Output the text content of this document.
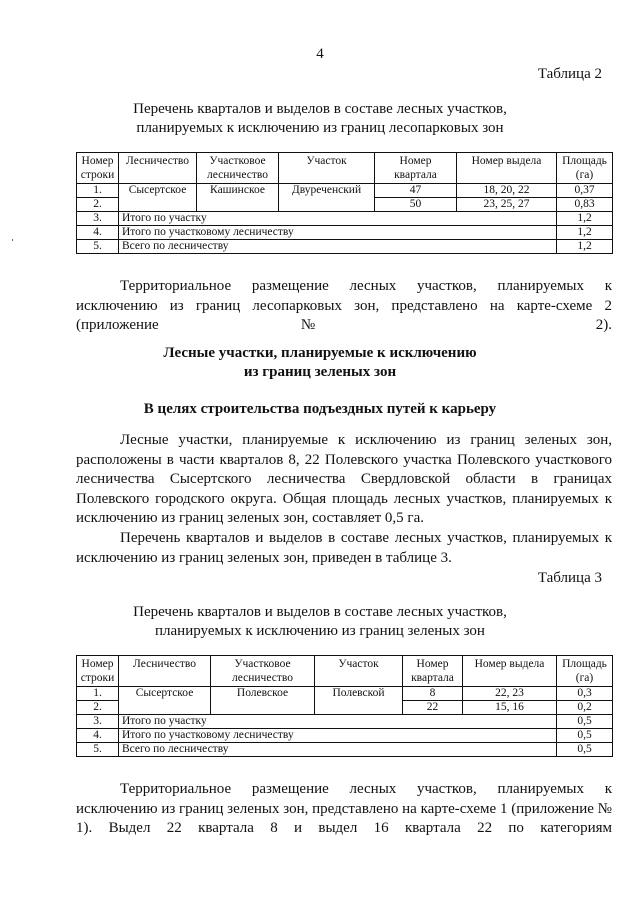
4
Таблица 2
Перечень кварталов и выделов в составе лесных участков,
планируемых к исключению из границ лесопарковых зон
Номер строки	Лесничество	Участковое лесничество	Участок	Номер квартала	Номер выдела	Площадь (га)
1.	Сысертское	Кашинское	Двуреченский	47	18, 20, 22	0,37
2.				50	23, 25, 27	0,83
3.	Итого по участку					1,2
4.	Итого по участковому лесничеству					1,2
5.	Всего по лесничеству					1,2
Территориальное размещение лесных участков, планируемых к исключению из границ лесопарковых зон, представлено на карте-схеме 2 (приложение № 2).
Лесные участки, планируемые к исключению
из границ зеленых зон
В целях строительства подъездных путей к карьеру
Лесные участки, планируемые к исключению из границ зеленых зон, расположены в части кварталов 8, 22 Полевского участка Полевского участкового лесничества Сысертского лесничества Свердловской области в границах Полевского городского округа. Общая площадь лесных участков, планируемых к исключению из границ зеленых зон, составляет 0,5 га.
Перечень кварталов и выделов в составе лесных участков, планируемых к исключению из границ зеленых зон, приведен в таблице 3.
Таблица 3
Перечень кварталов и выделов в составе лесных участков,
планируемых к исключению из границ зеленых зон
Номер строки	Лесничество	Участковое лесничество	Участок	Номер квартала	Номер выдела	Площадь (га)
1.	Сысертское	Полевское	Полевской	8	22, 23	0,3
2.				22	15, 16	0,2
3.	Итого по участку					0,5
4.	Итого по участковому лесничеству					0,5
5.	Всего по лесничеству					0,5
Территориальное размещение лесных участков, планируемых к исключению из границ зеленых зон, представлено на карте-схеме 1 (приложение № 1). Выдел 22 квартала 8 и выдел 16 квартала 22 по категориям
